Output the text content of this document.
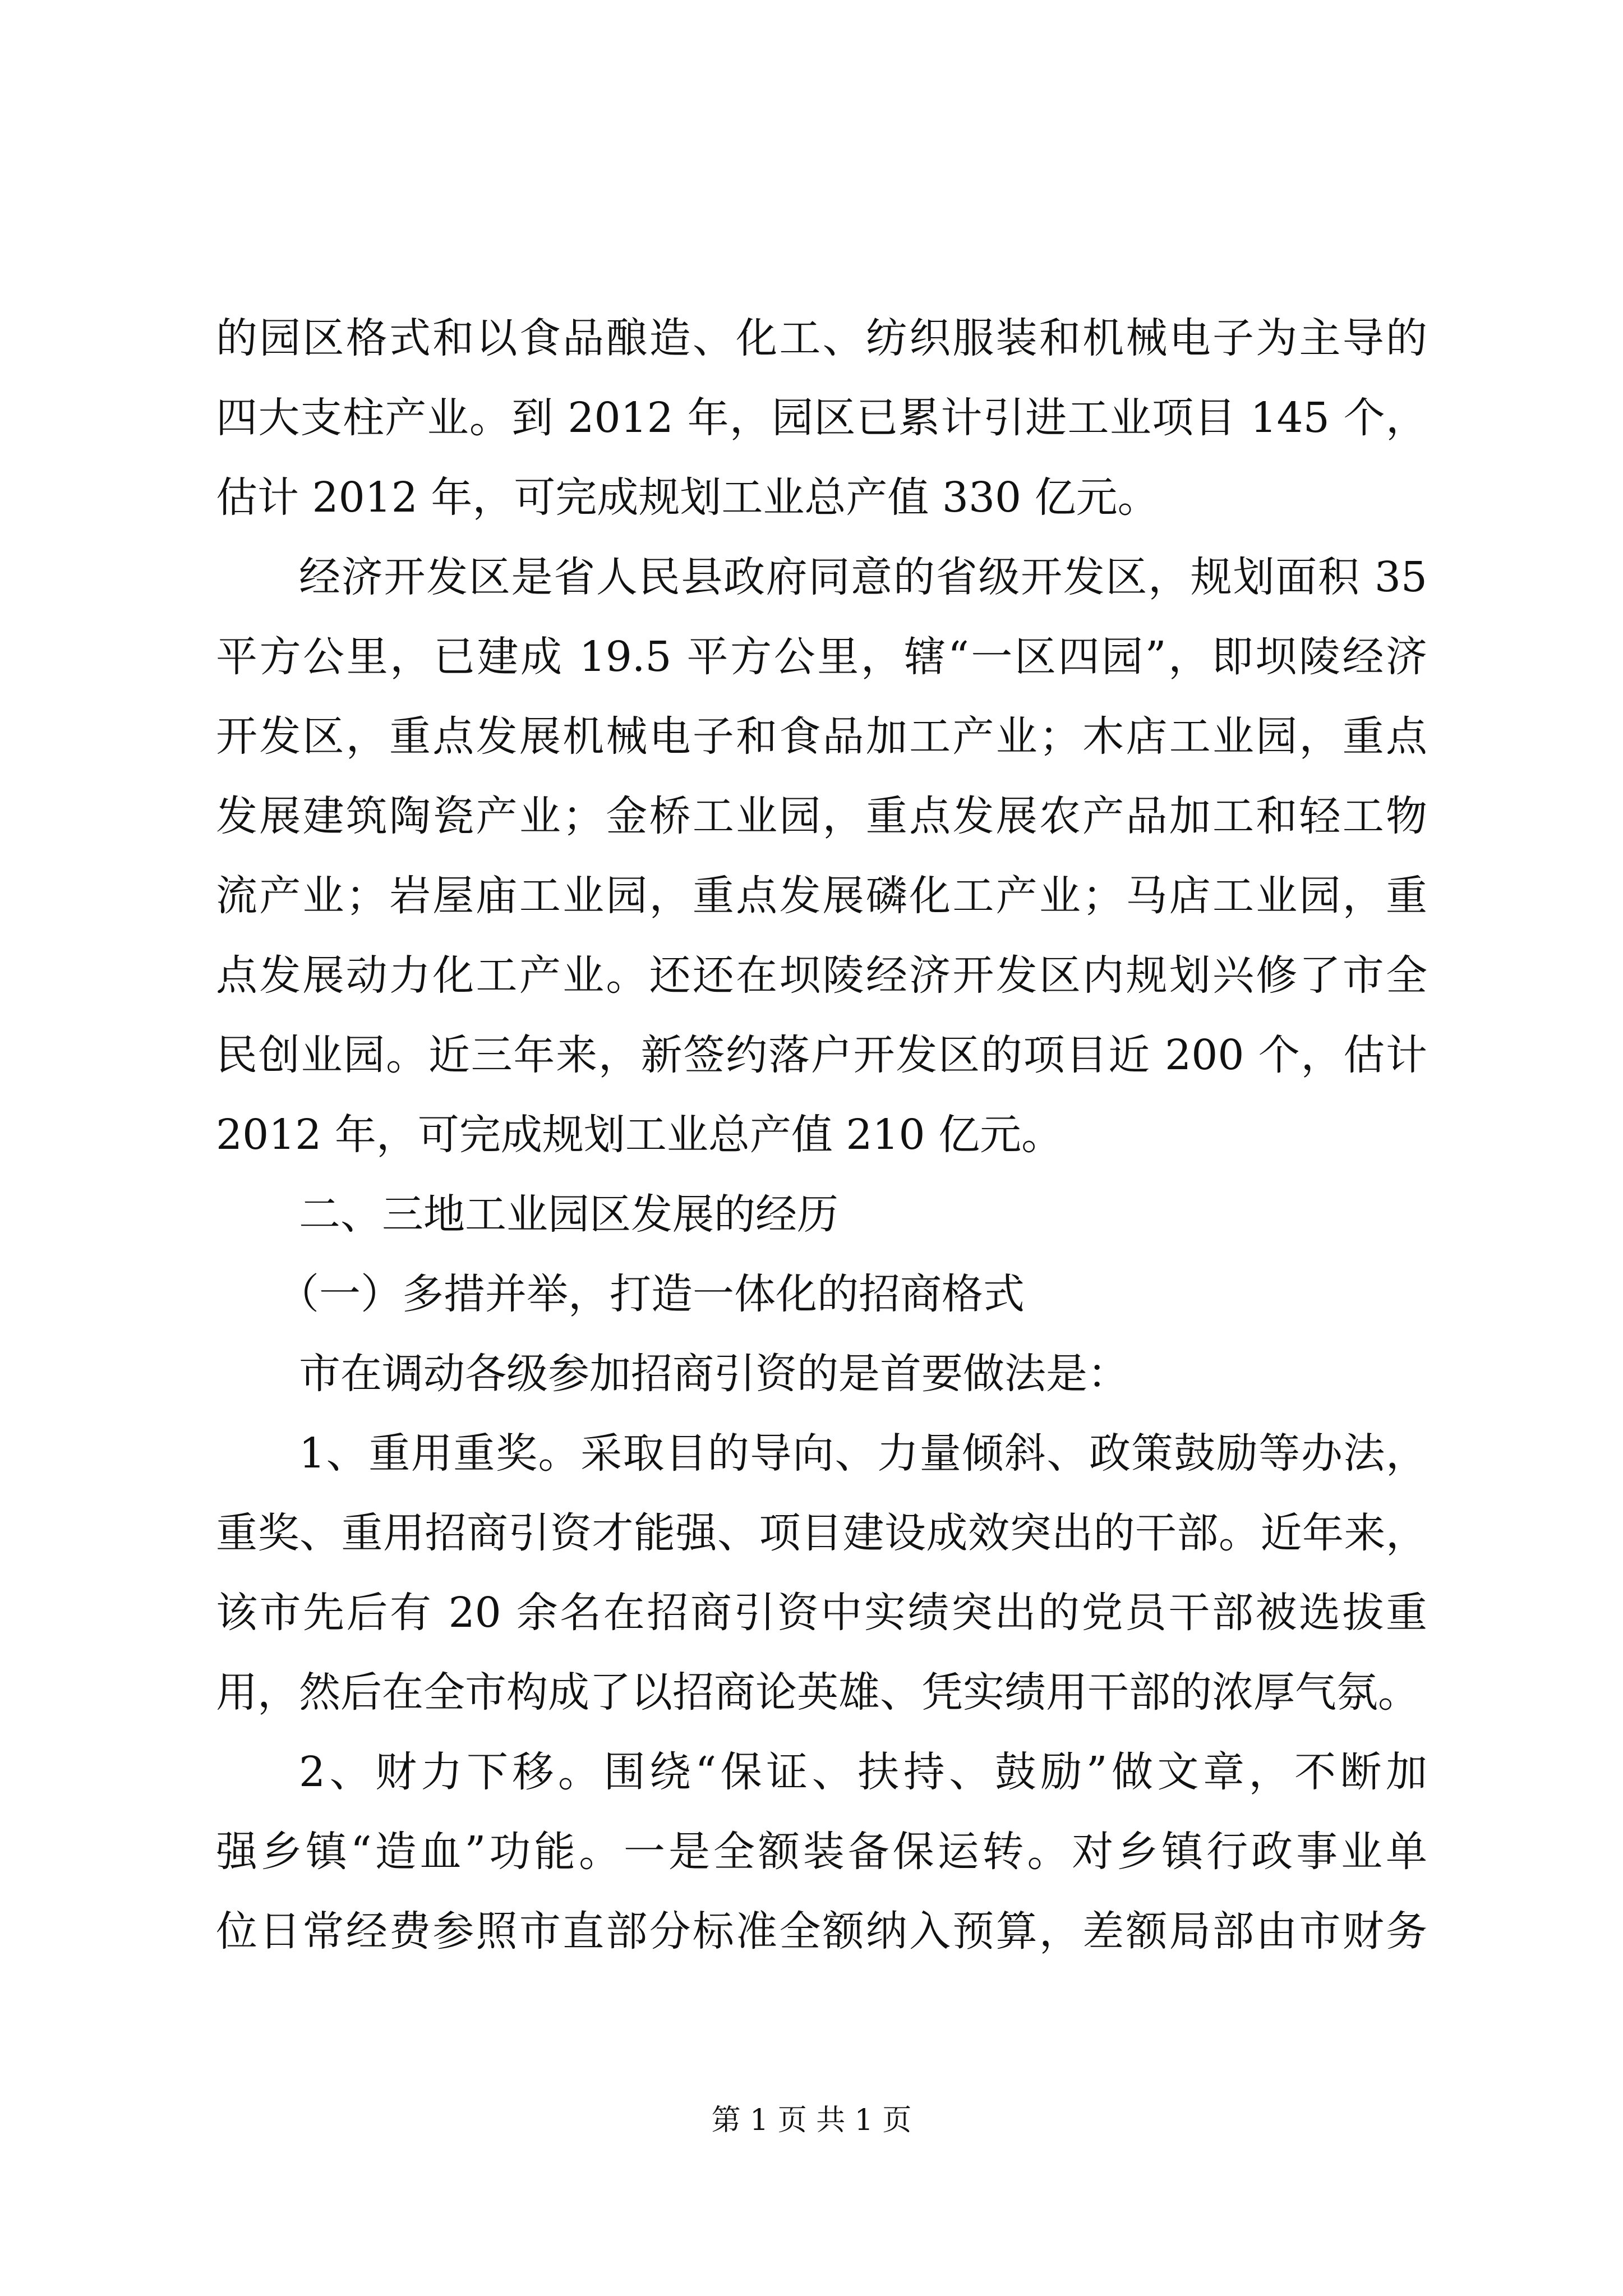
的园区格式和以食品酿造、化工、纺织服装和机械电子为主导的
四大支柱产业。到 2012 年，园区已累计引进工业项目 145 个，
估计 2012 年，可完成规划工业总产值 330 亿元。
经济开发区是省人民县政府同意的省级开发区，规划面积 35
平方公里，已建成 19.5 平方公里，辖“一区四园”，即坝陵经济
开发区，重点发展机械电子和食品加工产业；木店工业园，重点
发展建筑陶瓷产业；金桥工业园，重点发展农产品加工和轻工物
流产业；岩屋庙工业园，重点发展磷化工产业；马店工业园，重
点发展动力化工产业。还还在坝陵经济开发区内规划兴修了市全
民创业园。近三年来，新签约落户开发区的项目近 200 个，估计
2012 年，可完成规划工业总产值 210 亿元。
二、三地工业园区发展的经历
（一）多措并举，打造一体化的招商格式
市在调动各级参加招商引资的是首要做法是：
1、重用重奖。采取目的导向、力量倾斜、政策鼓励等办法，
重奖、重用招商引资才能强、项目建设成效突出的干部。近年来，
该市先后有 20 余名在招商引资中实绩突出的党员干部被选拔重
用，然后在全市构成了以招商论英雄、凭实绩用干部的浓厚气氛。
2、财力下移。围绕“保证、扶持、鼓励”做文章，不断加
强乡镇“造血”功能。一是全额装备保运转。对乡镇行政事业单
位日常经费参照市直部分标准全额纳入预算，差额局部由市财务
第 1 页 共 1 页
